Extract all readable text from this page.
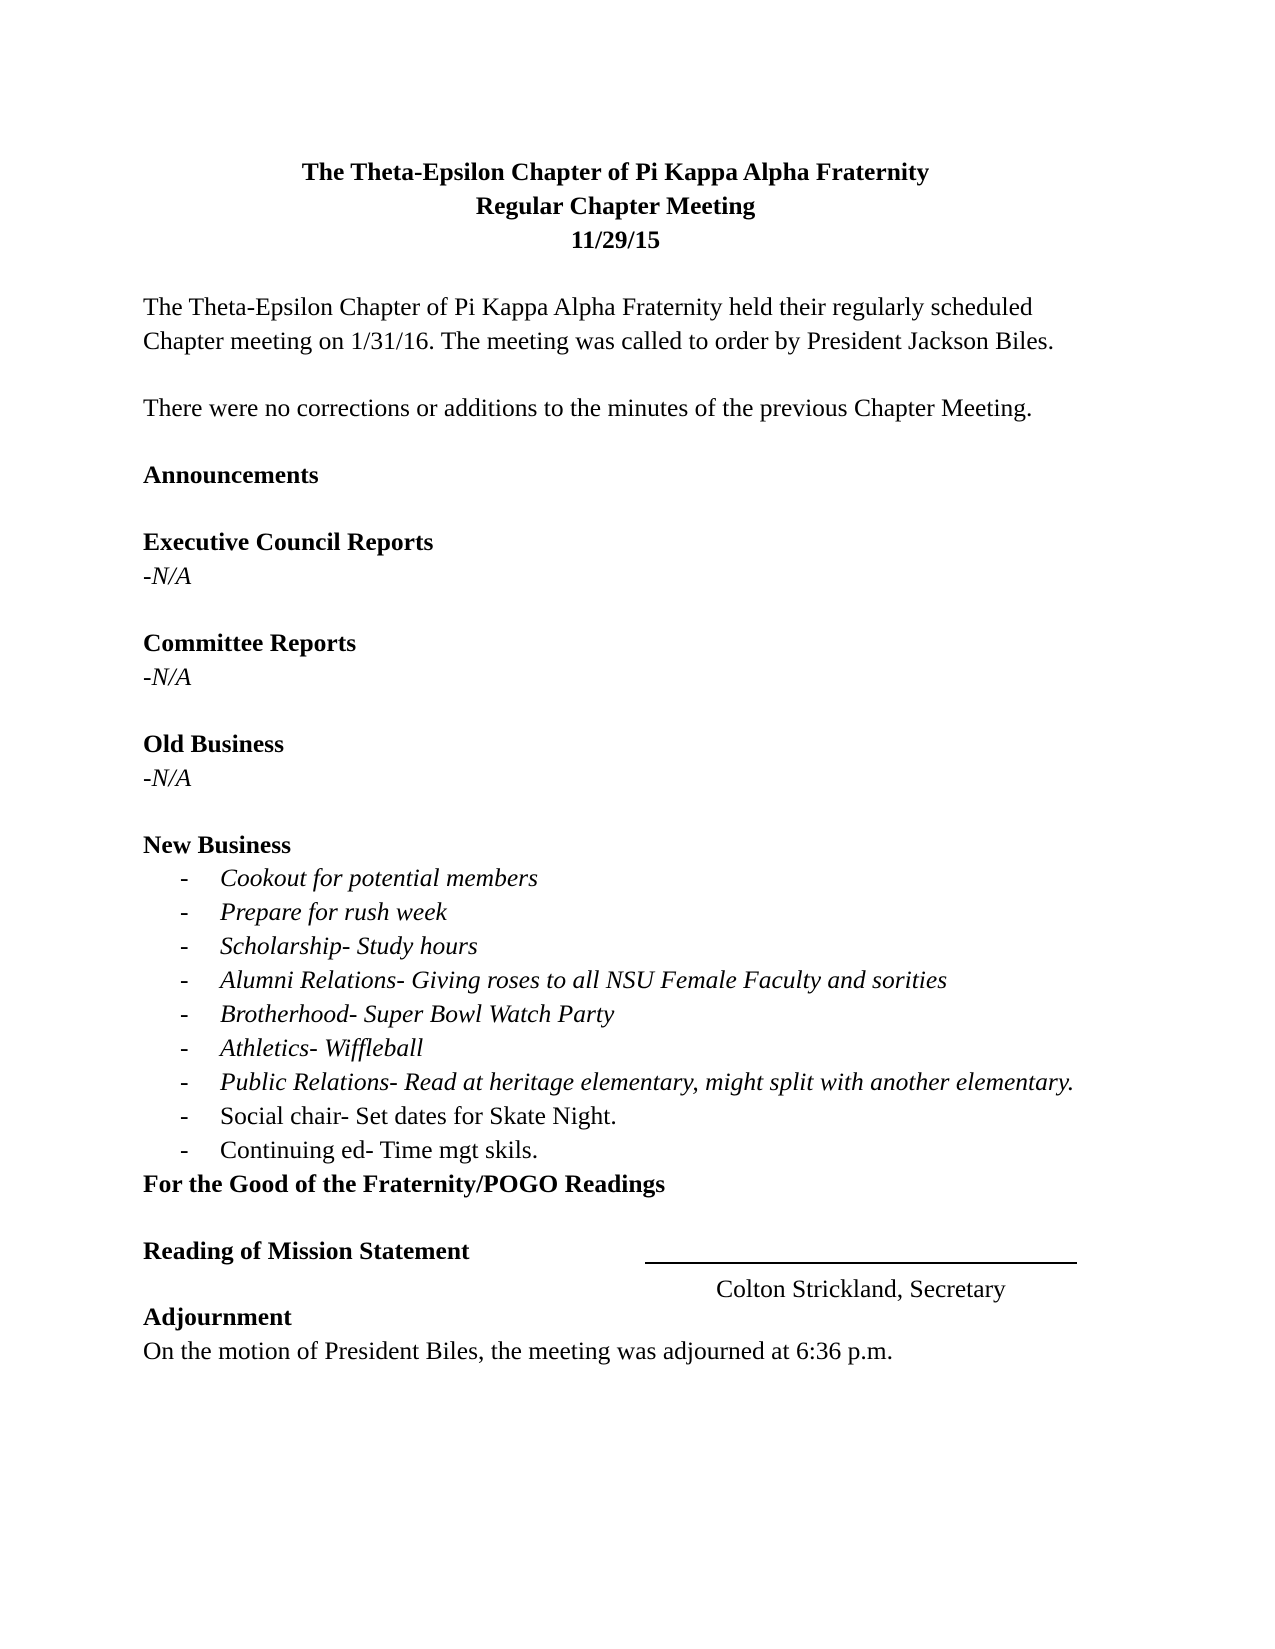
The Theta-Epsilon Chapter of Pi Kappa Alpha Fraternity
Regular Chapter Meeting
11/29/15

The Theta-Epsilon Chapter of Pi Kappa Alpha Fraternity held their regularly scheduled Chapter meeting on 1/31/16. The meeting was called to order by President Jackson Biles.

There were no corrections or additions to the minutes of the previous Chapter Meeting.

Announcements
Executive Council Reports

-N/A

Committee Reports

-N/A

Old Business

-N/A

New Business
-	Cookout for potential members
-	Prepare for rush week
-	Scholarship- Study hours
-	Alumni Relations- Giving roses to all NSU Female Faculty and sorities
-	Brotherhood- Super Bowl Watch Party
-	Athletics- Wiffleball
-	Public Relations- Read at heritage elementary, might split with another elementary.
-	Social chair- Set dates for Skate Night.
-	Continuing ed- Time mgt skils.
For the Good of the Fraternity/POGO Readings
Reading of Mission Statement
Adjournment

On the motion of President Biles, the meeting was adjourned at 6:36 p.m.

Colton Strickland, Secretary
